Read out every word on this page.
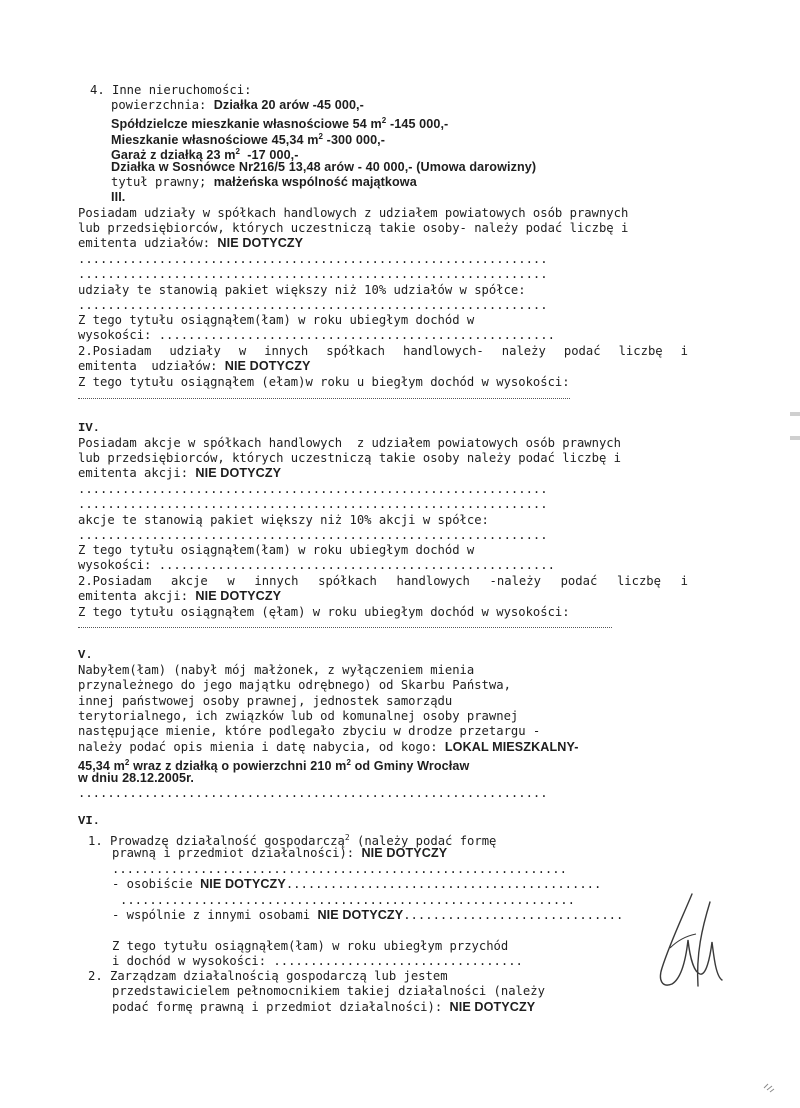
4. Inne nieruchomości:
powierzchnia: Działka 20 arów -45 000,-
Spółdzielcze mieszkanie własnościowe 54 $m^2$ -145 000,-
Mieszkanie własnościowe 45,34 $m^2$ -300 000,-
Garaż z działką 23 $m^2$  -17 000,-
Działka w Sosnówce Nr216/5 13,48 arów - 40 000,- (Umowa darowizny)
tytuł prawny; małżeńska wspólność majątkowa
III.
Posiadam udziały w spółkach handlowych z udziałem powiatowych osób prawnych
lub przedsiębiorców, których uczestniczą takie osoby- należy podać liczbę i
emitenta udziałów: NIE DOTYCZY
................................................................
................................................................
udziały te stanowią pakiet większy niż 10% udziałów w spółce:
................................................................
Z tego tytułu osiągnąłem(łam) w roku ubiegłym dochód w
wysokości: ......................................................
2.Posiadam udziały w innych spółkach handlowych- należy podać liczbę i
emitenta  udziałów: NIE DOTYCZY
Z tego tytułu osiągnąłem (ełam)w roku u biegłym dochód w wysokości:
IV.
Posiadam akcje w spółkach handlowych  z udziałem powiatowych osób prawnych
lub przedsiębiorców, których uczestniczą takie osoby należy podać liczbę i
emitenta akcji: NIE DOTYCZY
................................................................
................................................................
akcje te stanowią pakiet większy niż 10% akcji w spółce:
................................................................
Z tego tytułu osiągnąłem(łam) w roku ubiegłym dochód w
wysokości: ......................................................
2.Posiadam akcje w innych spółkach handlowych -należy podać liczbę i
emitenta akcji: NIE DOTYCZY
Z tego tytułu osiągnąłem (ęłam) w roku ubiegłym dochód w wysokości:
V.
Nabyłem(łam) (nabył mój małżonek, z wyłączeniem mienia
przynależnego do jego majątku odrębnego) od Skarbu Państwa,
innej państwowej osoby prawnej, jednostek samorządu
terytorialnego, ich związków lub od komunalnej osoby prawnej
następujące mienie, które podlegało zbyciu w drodze przetargu -
należy podać opis mienia i datę nabycia, od kogo: LOKAL MIESZKALNY-
45,34 $m^2$ wraz z działką o powierzchni 210 $m^2$ od Gminy Wrocław
w dniu 28.12.2005r.
................................................................
VI.
1. Prowadzę działalność gospodarczą$^2$ (należy podać formę
prawną i przedmiot działalności): NIE DOTYCZY
..............................................................
- osobiście NIE DOTYCZY...........................................
..............................................................
- wspólnie z innymi osobami NIE DOTYCZY..............................
Z tego tytułu osiągnąłem(łam) w roku ubiegłym przychód
i dochód w wysokości: ..................................
2. Zarządzam działalnością gospodarczą lub jestem
przedstawicielem pełnomocnikiem takiej działalności (należy
podać formę prawną i przedmiot działalności): NIE DOTYCZY
